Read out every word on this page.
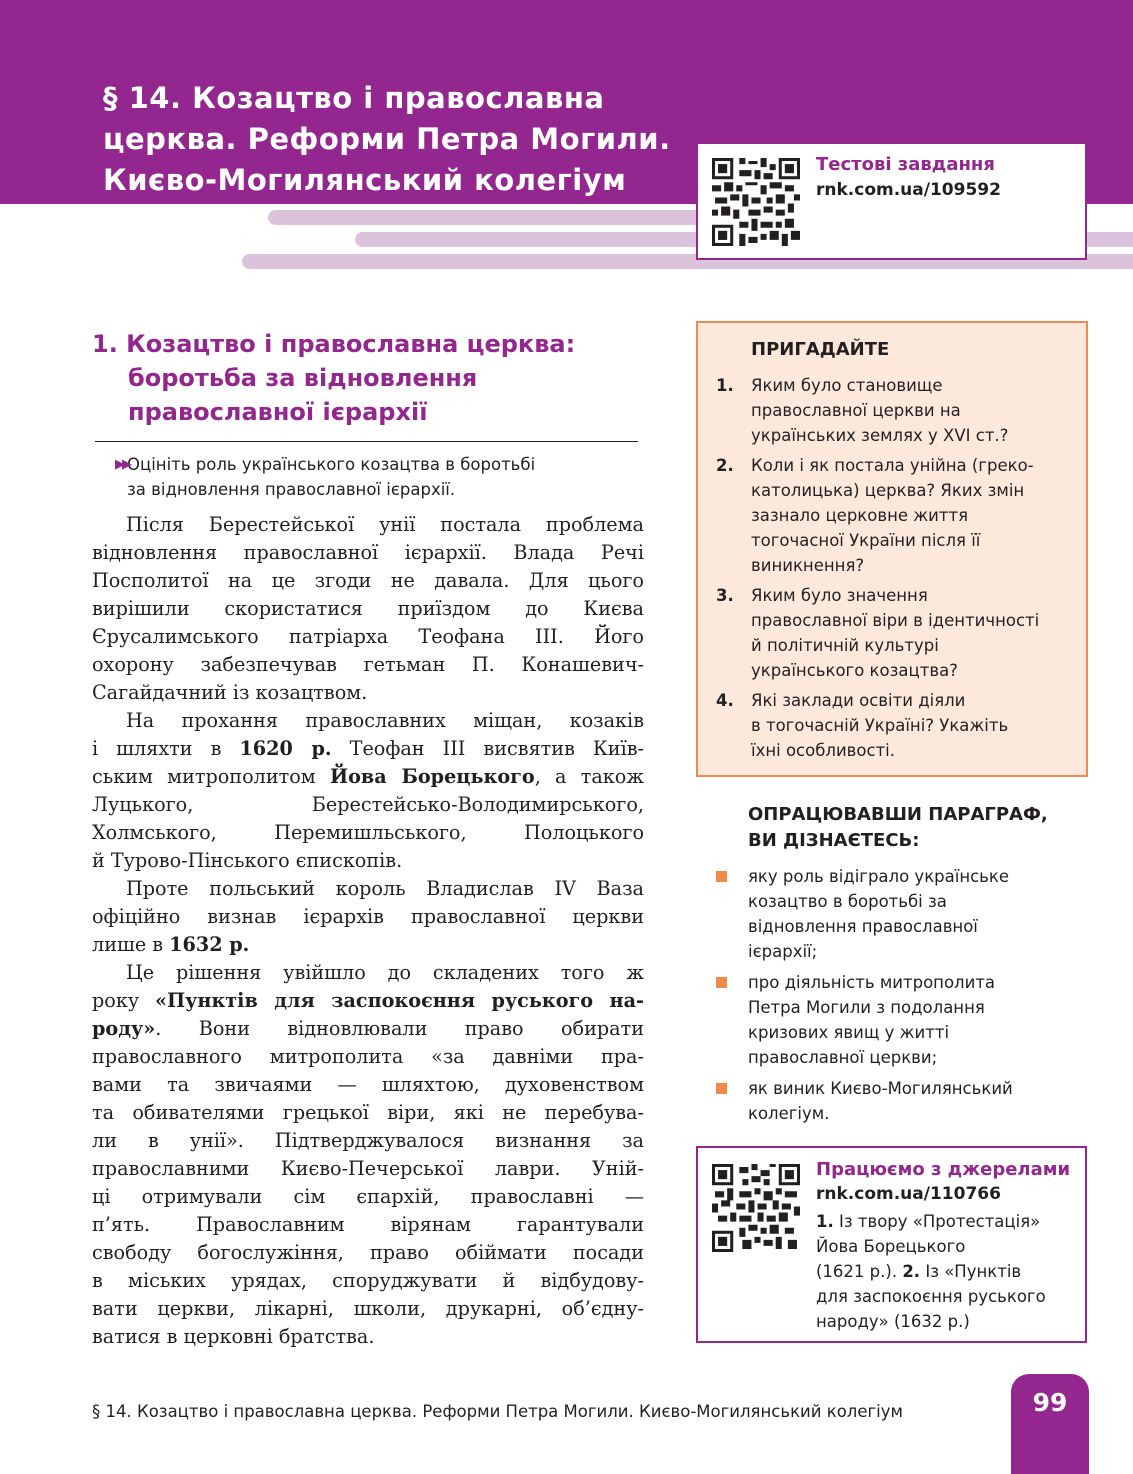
§ 14. Козацтво і православна
церква. Реформи Петра Могили.
Києво-Могилянський колегіум	Тестові завдання
rnk.com.ua/109592
1. Козацтво і православна церква:
боротьба за відновлення
православної ієрархії
▶▶
Оцініть роль українського козацтва в боротьбі
за відновлення православної ієрархії.

Після Берестейської унії постала проблема

відновлення православної ієрархії. Влада Речі

Посполитої на це згоди не давала. Для цього

вирішили скористатися приїздом до Києва

Єрусалимського патріарха Теофана III. Його

охорону забезпечував гетьман П. Конашевич-

Сагайдачний із козацтвом.

На прохання православних міщан, козаків

і шляхти в 1620 р. Теофан III висвятив Київ-

ським митрополитом Йова Борецького, а також

Луцького, Берестейсько-Володимирського,

Холмського, Перемишльського, Полоцького

й Турово-Пінського єпископів.

Проте польський король Владислав IV Ваза

офіційно визнав ієрархів православної церкви

лише в 1632 р.

Це рішення увійшло до складених того ж

року «Пунктів для заспокоєння руського на-

роду». Вони відновлювали право обирати

православного митрополита «за давніми пра-

вами та звичаями — шляхтою, духовенством

та обивателями грецької віри, які не перебува-

ли в унії». Підтверджувалося визнання за

православними Києво-Печерської лаври. Уній-

ці отримували сім єпархій, православні —

п’ять. Православним вірянам гарантували

свободу богослужіння, право обіймати посади

в міських урядах, споруджувати й відбудову-

вати церкви, лікарні, школи, друкарні, об’єдну-

ватися в церковні братства.

ПРИГАДАЙТЕ
1. Яким було становище
православної церкви на
українських землях у XVI ст.?
2. Коли і як постала унійна (греко-
католицька) церква? Яких змін
зазнало церковне життя
тогочасної України після її
виникнення?
3. Яким було значення
православної віри в ідентичності
й політичній культурі
українського козацтва?
4. Які заклади освіти діяли
в тогочасній Україні? Укажіть
їхні особливості.
ОПРАЦЮВАВШИ ПАРАГРАФ,
ВИ ДІЗНАЄТЕСЬ:
яку роль відіграло українське
козацтво в боротьбі за
відновлення православної
ієрархії;
про діяльність митрополита
Петра Могили з подолання
кризових явищ у житті
православної церкви;
як виник Києво-Могилянський
колегіум.
Працюємо з джерелами
rnk.com.ua/110766
1. Із твору «Протестація»
Йова Борецького
(1621 р.). 2. Із «Пунктів
для заспокоєння руського
народу» (1632 р.)
§ 14. Козацтво і православна церква. Реформи Петра Могили. Києво-Могилянський колегіум	99
